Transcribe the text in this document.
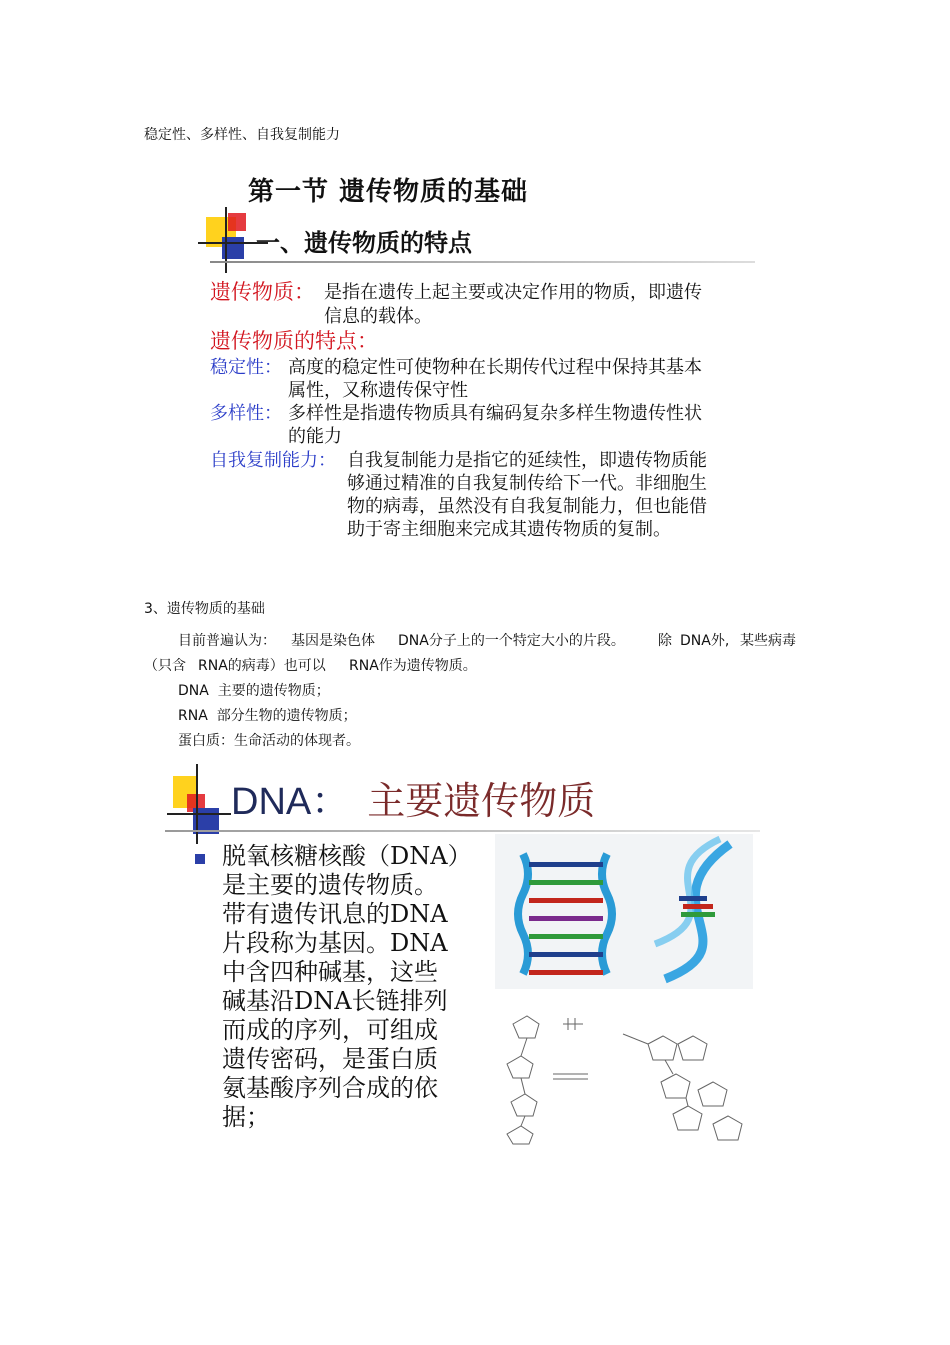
稳定性、多样性、自我复制能力
第一节 遗传物质的基础
一、遗传物质的特点
遗传物质： 是指在遗传上起主要或决定作用的物质，即遗传
信息的载体。
遗传物质的特点：
稳定性： 高度的稳定性可使物种在长期传代过程中保持其基本
属性，又称遗传保守性
多样性： 多样性是指遗传物质具有编码复杂多样生物遗传性状
的能力
自我复制能力： 自我复制能力是指它的延续性，即遗传物质能
够通过精准的自我复制传给下一代。非细胞生
物的病毒，虽然没有自我复制能力，但也能借
助于寄主细胞来完成其遗传物质的复制。
3、遗传物质的基础
目前普遍认为： 基因是染色体 DNA分子上的一个特定大小的片段。 除 DNA外, 某些病毒
（只含 RNA的病毒）也可以 RNA作为遗传物质。
DNA 主要的遗传物质；
RNA 部分生物的遗传物质；
蛋白质：生命活动的体现者。
DNA： 主要遗传物质
脱氧核糖核酸（DNA）
是主要的遗传物质。
带有遗传讯息的DNA
片段称为基因。DNA
中含四种碱基，这些
碱基沿DNA长链排列
而成的序列，可组成
遗传密码，是蛋白质
氨基酸序列合成的依
据；
